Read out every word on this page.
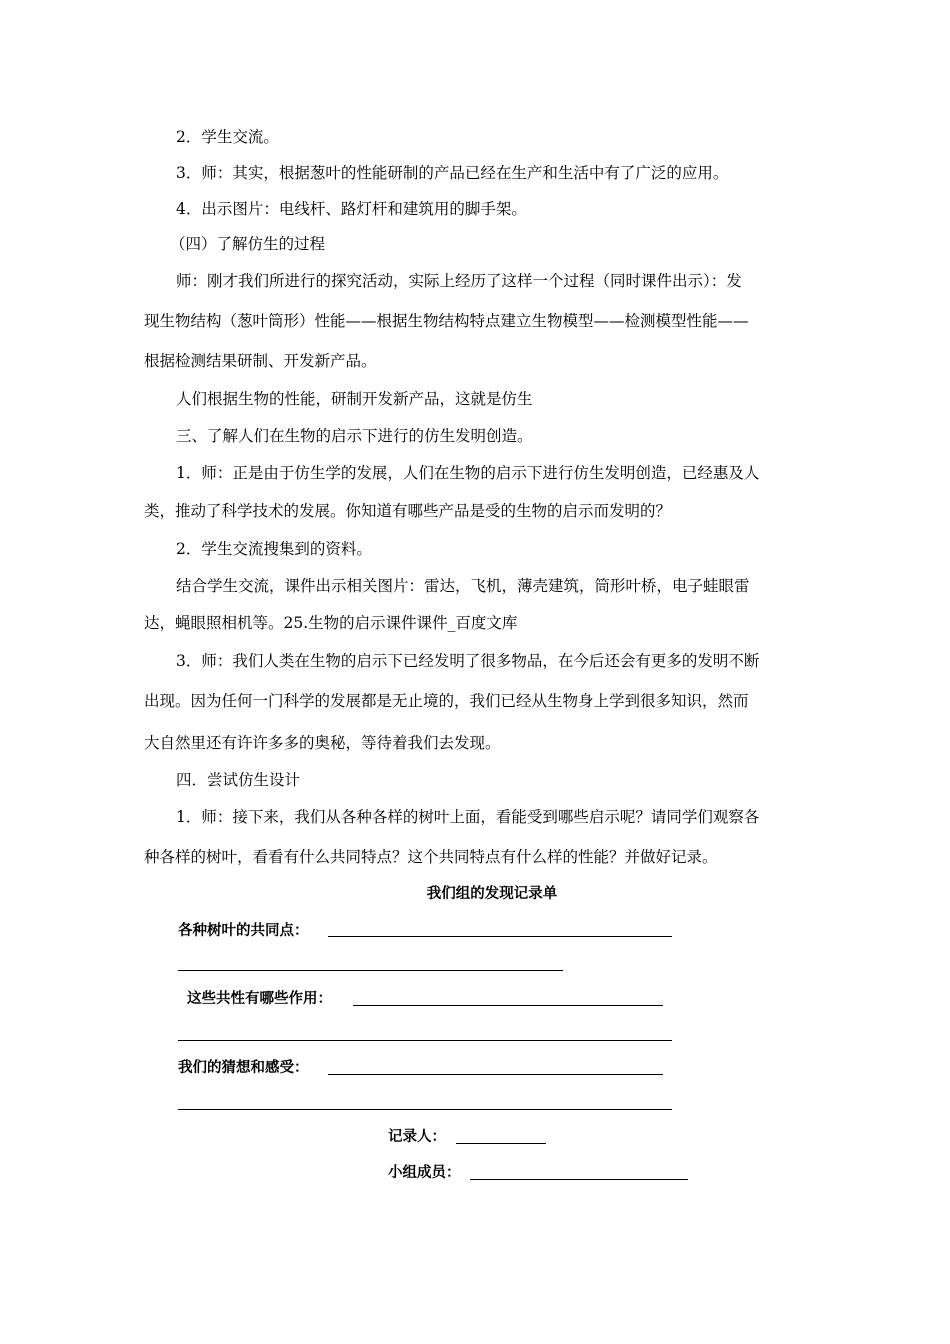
2．学生交流。
3．师：其实，根据葱叶的性能研制的产品已经在生产和生活中有了广泛的应用。
4．出示图片：电线杆、路灯杆和建筑用的脚手架。
（四）了解仿生的过程
师：刚才我们所进行的探究活动，实际上经历了这样一个过程（同时课件出示）：发
现生物结构（葱叶筒形）性能——根据生物结构特点建立生物模型——检测模型性能——
根据检测结果研制、开发新产品。
人们根据生物的性能，研制开发新产品，这就是仿生
三、了解人们在生物的启示下进行的仿生发明创造。
1．师：正是由于仿生学的发展，人们在生物的启示下进行仿生发明创造，已经惠及人
类，推动了科学技术的发展。你知道有哪些产品是受的生物的启示而发明的？
2．学生交流搜集到的资料。
结合学生交流，课件出示相关图片：雷达，飞机，薄壳建筑，筒形叶桥，电子蛙眼雷
达，蝇眼照相机等。25.生物的启示课件课件_百度文库
3．师：我们人类在生物的启示下已经发明了很多物品，在今后还会有更多的发明不断
出现。因为任何一门科学的发展都是无止境的，我们已经从生物身上学到很多知识，然而
大自然里还有许许多多的奥秘，等待着我们去发现。
四．尝试仿生设计
1．师：接下来，我们从各种各样的树叶上面，看能受到哪些启示呢？请同学们观察各
种各样的树叶，看看有什么共同特点？这个共同特点有什么样的性能？并做好记录。
我们组的发现记录单
各种树叶的共同点：
这些共性有哪些作用：
我们的猜想和感受：
记录人：
小组成员：
